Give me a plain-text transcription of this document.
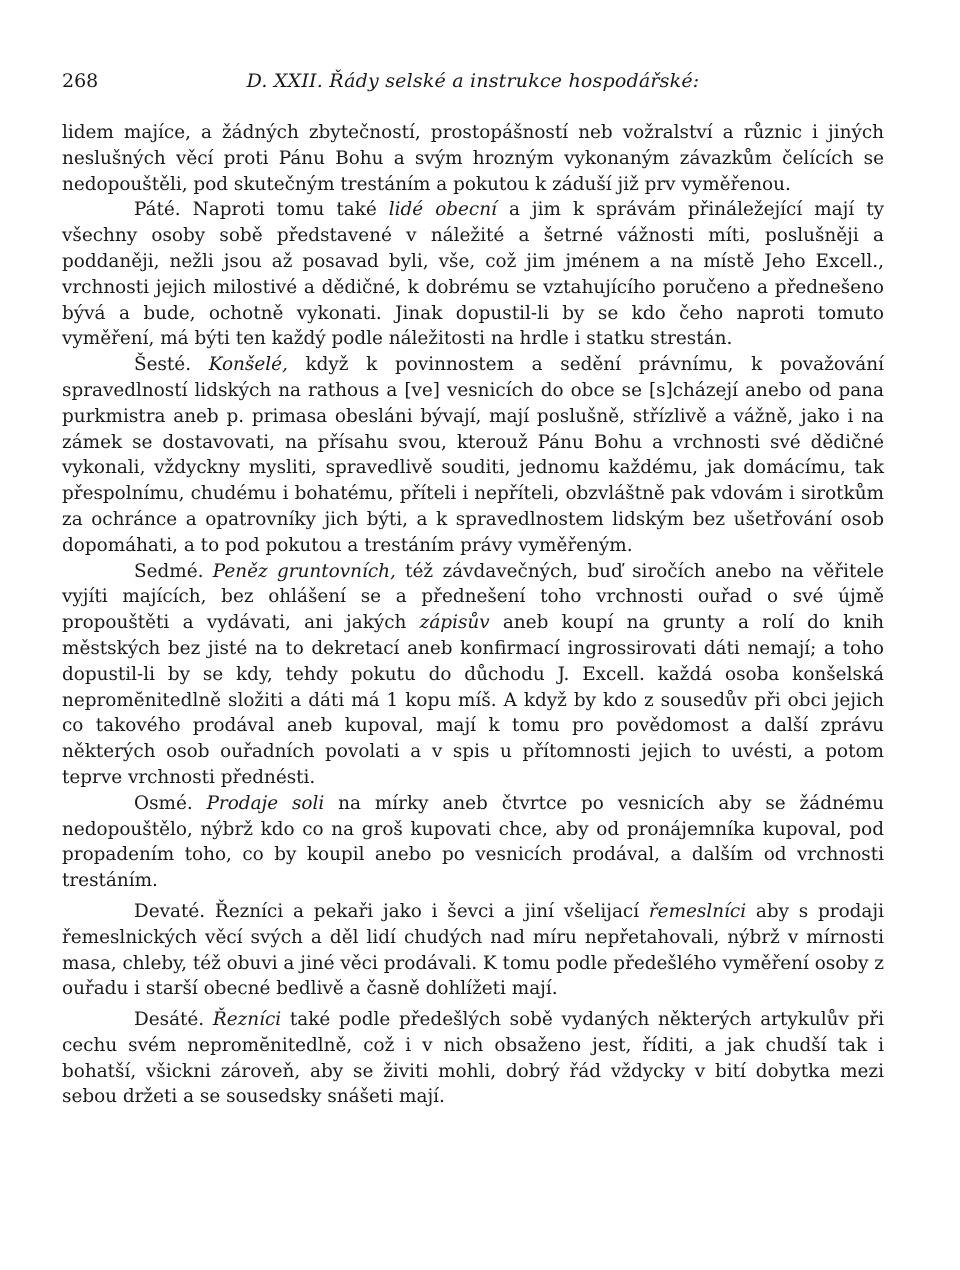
268	D. XXII. Řády selské a instrukce hospodářské:

lidem majíce, a žádných zbytečností, prostopášností neb vožralství a různic i jiných neslušných věcí proti Pánu Bohu a svým hrozným vykonaným závazkům čelících se nedopouštěli, pod skutečným trestáním a pokutou k záduší již prv vyměřenou.

Páté. Naproti tomu také lidé obecní a jim k správám přináležející mají ty všechny osoby sobě představené v náležité a šetrné vážnosti míti, poslušněji a poddaněji, nežli jsou až posavad byli, vše, což jim jménem a na místě Jeho Excell., vrchnosti jejich milostivé a dědičné, k dobrému se vztahujícího poručeno a přednešeno bývá a bude, ochotně vykonati. Jinak dopustil-li by se kdo čeho naproti tomuto vyměření, má býti ten každý podle náležitosti na hrdle i statku strestán.

Šesté. Konšelé, když k povinnostem a sedění právnímu, k považování spravedlností lidských na rathous a [ve] vesnicích do obce se [s]cházejí anebo od pana purkmistra aneb p. primasa obesláni bývají, mají poslušně, střízlivě a vážně, jako i na zámek se dostavovati, na přísahu svou, kterouž Pánu Bohu a vrchnosti své dědičné vykonali, vždyckny mysliti, spravedlivě souditi, jednomu každému, jak domácímu, tak přespolnímu, chudému i bohatému, příteli i nepříteli, obzvláštně pak vdovám i sirotkům za ochránce a opatrovníky jich býti, a k spravedlnostem lidským bez ušetřování osob dopomáhati, a to pod pokutou a trestáním právy vyměřeným.

Sedmé. Peněz gruntovních, též závdavečných, buď siročích anebo na věřitele vyjíti majících, bez ohlášení se a přednešení toho vrchnosti ouřad o své újmě propouštěti a vydávati, ani jakých zápisův aneb koupí na grunty a rolí do knih městských bez jisté na to dekretací aneb konfirmací ingrossirovati dáti nemají; a toho dopustil-li by se kdy, tehdy pokutu do důchodu J. Excell. každá osoba konšelská nepromĕnitedlně složiti a dáti má 1 kopu míš. A když by kdo z sousedův při obci jejich co takového prodával aneb kupoval, mají k tomu pro povědomost a další zprávu některých osob ouřadních povolati a v spis u přítomnosti jejich to uvésti, a potom teprve vrchnosti přednésti.

Osmé. Prodaje soli na mírky aneb čtvrtce po vesnicích aby se žádnému nedopouštělo, nýbrž kdo co na groš kupovati chce, aby od pronájemníka kupoval, pod propadením toho, co by koupil anebo po vesnicích prodával, a dalším od vrchnosti trestáním.

Devaté. Řezníci a pekaři jako i ševci a jiní všelijací řemeslníci aby s prodaji řemeslnických věcí svých a děl lidí chudých nad míru nepřetahovali, nýbrž v mírnosti masa, chleby, též obuvi a jiné věci prodávali. K tomu podle předešlého vyměření osoby z ouřadu i starší obecné bedlivě a časně dohlížeti mají.

Desáté. Řezníci také podle předešlých sobě vydaných některých artykulův při cechu svém nepromĕnitedlně, což i v nich obsaženo jest, říditi, a jak chudší tak i bohatší, všickni zároveň, aby se živiti mohli, dobrý řád vždycky v bití dobytka mezi sebou držeti a se sousedsky snášeti mají.
